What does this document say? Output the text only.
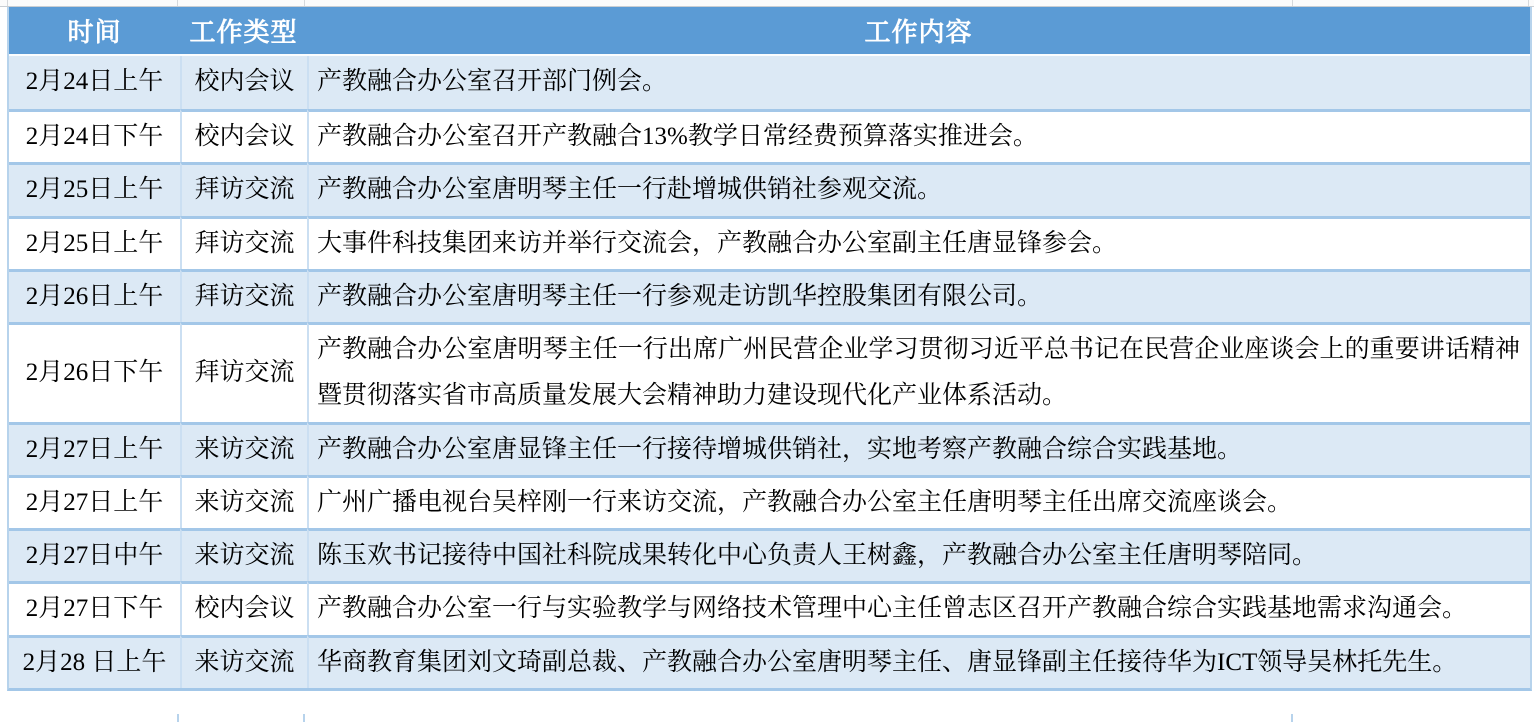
时间	工作类型	工作内容
2月24日上午	校内会议	产教融合办公室召开部门例会。
2月24日下午	校内会议	产教融合办公室召开产教融合13%教学日常经费预算落实推进会。
2月25日上午	拜访交流	产教融合办公室唐明琴主任一行赴增城供销社参观交流。
2月25日上午	拜访交流	大事件科技集团来访并举行交流会，产教融合办公室副主任唐显锋参会。
2月26日上午	拜访交流	产教融合办公室唐明琴主任一行参观走访凯华控股集团有限公司。
2月26日下午	拜访交流	产教融合办公室唐明琴主任一行出席广州民营企业学习贯彻习近平总书记在民营企业座谈会上的重要讲话精神暨贯彻落实省市高质量发展大会精神助力建设现代化产业体系活动。
2月27日上午	来访交流	产教融合办公室唐显锋主任一行接待增城供销社，实地考察产教融合综合实践基地。
2月27日上午	来访交流	广州广播电视台吴梓刚一行来访交流，产教融合办公室主任唐明琴主任出席交流座谈会。
2月27日中午	来访交流	陈玉欢书记接待中国社科院成果转化中心负责人王树鑫，产教融合办公室主任唐明琴陪同。
2月27日下午	校内会议	产教融合办公室一行与实验教学与网络技术管理中心主任曾志区召开产教融合综合实践基地需求沟通会。
2月28 日上午	来访交流	华商教育集团刘文琦副总裁、产教融合办公室唐明琴主任、唐显锋副主任接待华为ICT领导吴林托先生。
